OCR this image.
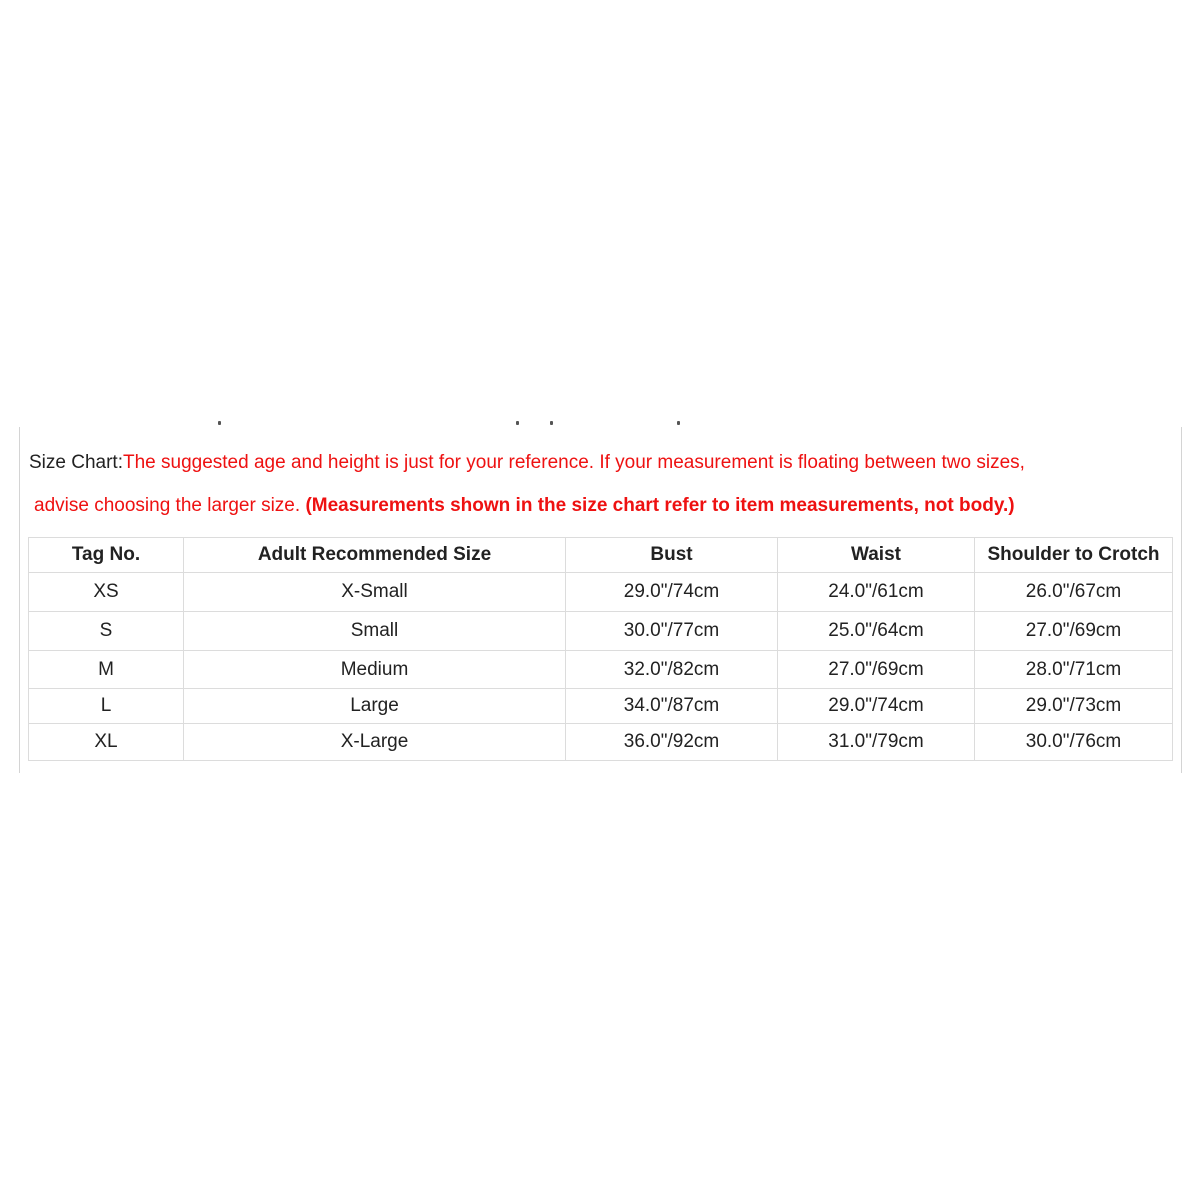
Size Chart:The suggested age and height is just for your reference. If your measurement is floating between two sizes,
advise choosing the larger size. (Measurements shown in the size chart refer to item measurements, not body.)
Tag No.	Adult Recommended Size	Bust	Waist	Shoulder to Crotch
XS	X-Small	29.0"/74cm	24.0"/61cm	26.0"/67cm
S	Small	30.0"/77cm	25.0"/64cm	27.0"/69cm
M	Medium	32.0"/82cm	27.0"/69cm	28.0"/71cm
L	Large	34.0"/87cm	29.0"/74cm	29.0"/73cm
XL	X-Large	36.0"/92cm	31.0"/79cm	30.0"/76cm
